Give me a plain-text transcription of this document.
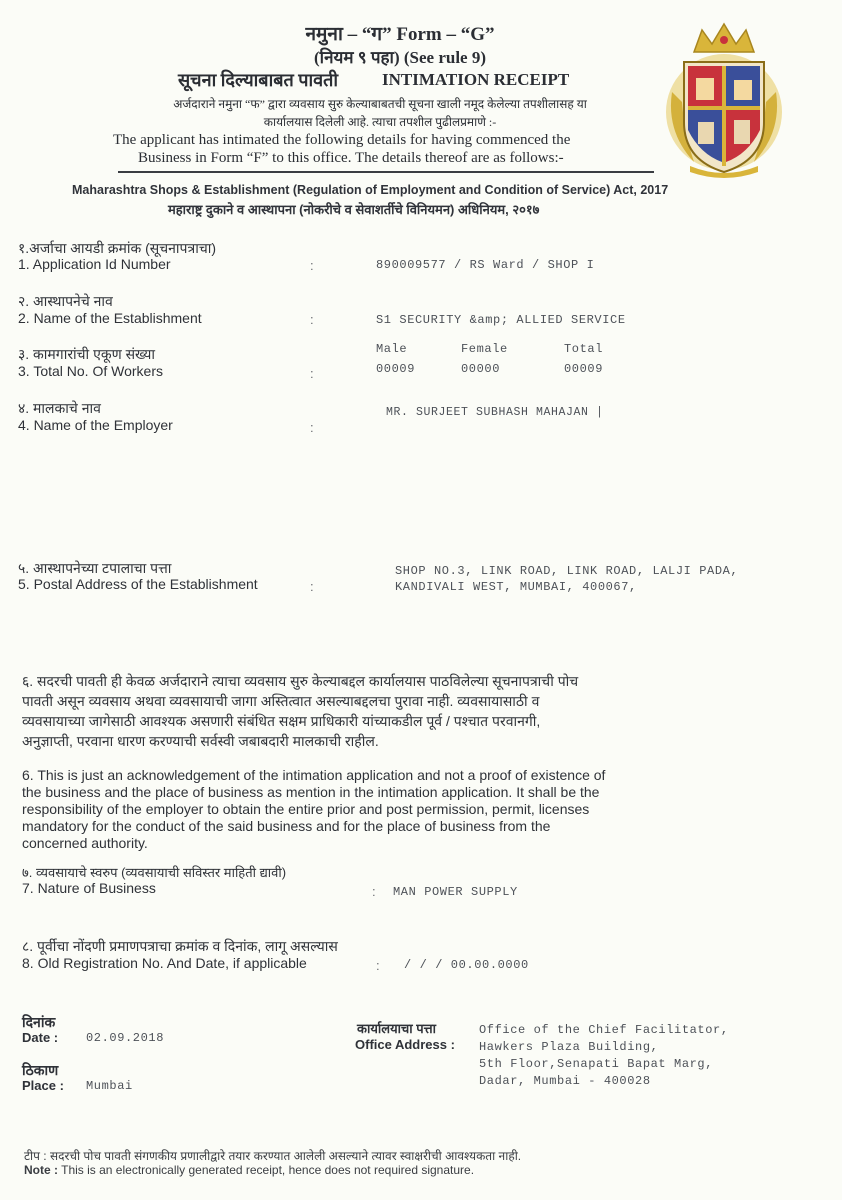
नमुना – “ग” Form – “G”
(नियम ९ पहा) (See rule 9)
सूचना दिल्याबाबत पावती	INTIMATION RECEIPT
अर्जदाराने नमुना “फ” द्वारा व्यवसाय सुरु केल्याबाबतची सूचना खाली नमूद केलेल्या तपशीलासह या
कार्यालयास दिलेली आहे. त्याचा तपशील पुढीलप्रमाणे :-
The applicant has intimated the following details for having commenced the
Business in Form “F” to this office. The details thereof are as follows:-
Maharashtra Shops & Establishment (Regulation of Employment and Condition of Service) Act, 2017
महाराष्ट्र दुकाने व आस्थापना (नोकरीचे व सेवाशर्तीचे विनियमन) अधिनियम, २०१७
१.अर्जाचा आयडी क्रमांक (सूचनापत्राचा)
1. Application Id Number	:	890009577 / RS Ward / SHOP I
२. आस्थापनेचे नाव
2. Name of the Establishment	:	S1 SECURITY &amp; ALLIED SERVICE
३. कामगारांची एकूण संख्या
3. Total No. Of Workers	:
Male	Female	Total
00009	00000	00009
४. मालकाचे नाव
4. Name of the Employer	:
MR. SURJEET SUBHASH MAHAJAN |
५. आस्थापनेच्या टपालाचा पत्ता
5. Postal Address of the Establishment	:
SHOP NO.3, LINK ROAD, LINK ROAD, LALJI PADA,
KANDIVALI WEST, MUMBAI, 400067,
६. सदरची पावती ही केवळ अर्जदाराने त्याचा व्यवसाय सुरु केल्याबद्दल कार्यालयास पाठविलेल्या सूचनापत्राची पोच
पावती असून व्यवसाय अथवा व्यवसायाची जागा अस्तित्वात असल्याबद्दलचा पुरावा नाही. व्यवसायासाठी व
व्यवसायाच्या जागेसाठी आवश्यक असणारी संबंधित सक्षम प्राधिकारी यांच्याकडील पूर्व / पश्चात परवानगी,
अनुज्ञाप्ती, परवाना धारण करण्याची सर्वस्वी जबाबदारी मालकाची राहील.
6. This is just an acknowledgement of the intimation application and not a proof of existence of
the business and the place of business as mention in the intimation application. It shall be the
responsibility of the employer to obtain the entire prior and post permission, permit, licenses
mandatory for the conduct of the said business and for the place of business from the
concerned authority.
७. व्यवसायाचे स्वरुप (व्यवसायाची सविस्तर माहिती द्यावी)
7. Nature of Business	: MAN POWER SUPPLY
८. पूर्वीचा नोंदणी प्रमाणपत्राचा क्रमांक व दिनांक, लागू असल्यास
8. Old Registration No. And Date, if applicable	: / / / 00.00.0000
दिनांक
Date : 02.09.2018
ठिकाण
Place : Mumbai
कार्यालयाचा पत्ता
Office Address :
Office of the Chief Facilitator,
Hawkers Plaza Building,
5th Floor,Senapati Bapat Marg,
Dadar, Mumbai - 400028
टीप : सदरची पोच पावती संगणकीय प्रणालीद्वारे तयार करण्यात आलेली असल्याने त्यावर स्वाक्षरीची आवश्यकता नाही.
Note : This is an electronically generated receipt, hence does not required signature.
